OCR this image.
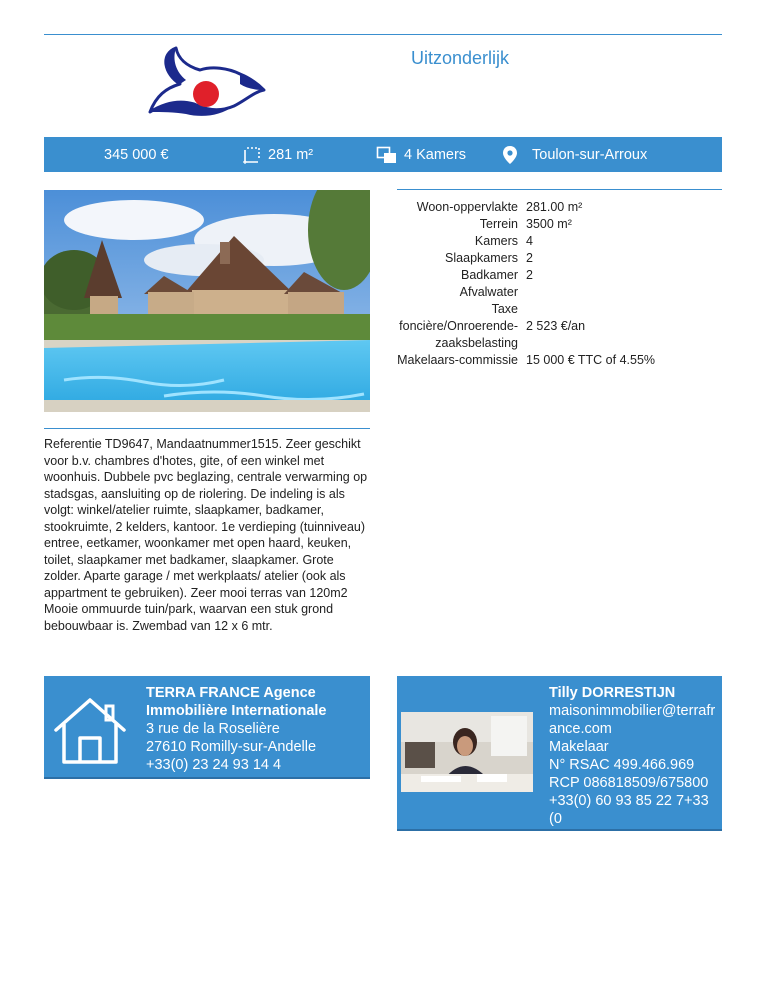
Uitzonderlijk
345 000 €	281 m²	4 Kamers	Toulon-sur-Arroux
Woon-oppervlakte	281.00 m²
Terrein	3500 m²
Kamers	4
Slaapkamers	2
Badkamer	2
Afvalwater	
Taxe foncière/Onroerende-zaaksbelasting	2 523 €/an
Makelaars-commissie	15 000 € TTC of 4.55%

Referentie TD9647, Mandaatnummer1515. Zeer geschikt voor b.v. chambres d'hotes, gite, of een winkel met woonhuis. Dubbele pvc beglazing, centrale verwarming op stadsgas, aansluiting op de riolering. De indeling is als volgt: winkel/atelier ruimte, slaapkamer, badkamer, stookruimte, 2 kelders, kantoor. 1e verdieping (tuinniveau) entree, eetkamer, woonkamer met open haard, keuken, toilet, slaapkamer met badkamer, slaapkamer. Grote zolder. Aparte garage / met werkplaats/ atelier (ook als appartment te gebruiken). Zeer mooi terras van 120m2 Mooie ommuurde tuin/park, waarvan een stuk grond bebouwbaar is. Zwembad van 12 x 6 mtr.

TERRA FRANCE Agence Immobilière Internationale
3 rue de la Roselière
27610 Romilly-sur-Andelle
+33(0) 23 24 93 14 4
Tilly DORRESTIJN
maisonimmobilier@terrafrance.com
Makelaar
N° RSAC 499.466.969
RCP 086818509/675800
+33(0) 60 93 85 22 7+33(0
